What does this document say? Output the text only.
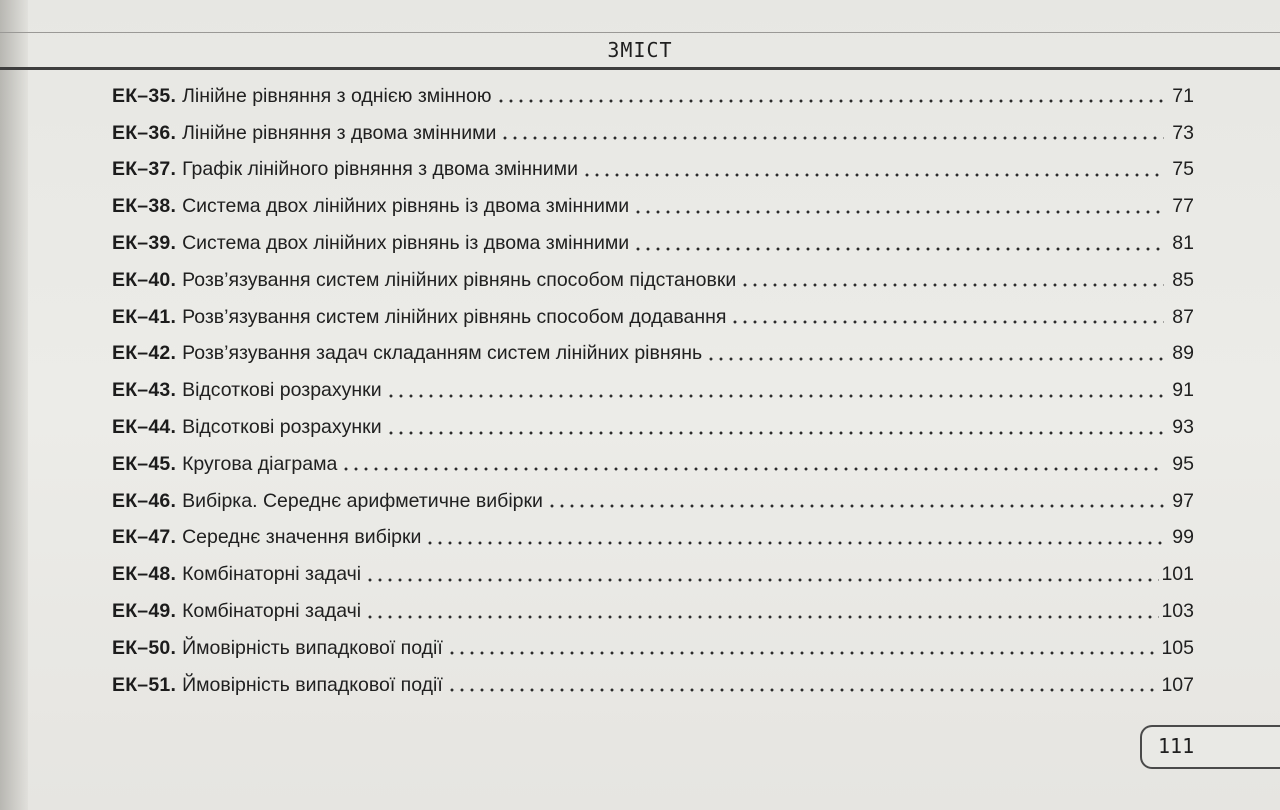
ЗМІСТ
ЕК–35. Лінійне рівняння з однією змінною	71
ЕК–36. Лінійне рівняння з двома змінними	73
ЕК–37. Графік лінійного рівняння з двома змінними	75
ЕК–38. Система двох лінійних рівнянь із двома змінними	77
ЕК–39. Система двох лінійних рівнянь із двома змінними	81
ЕК–40. Розв’язування систем лінійних рівнянь способом підстановки	85
ЕК–41. Розв’язування систем лінійних рівнянь способом додавання	87
ЕК–42. Розв’язування задач складанням систем лінійних рівнянь	89
ЕК–43. Відсоткові розрахунки	91
ЕК–44. Відсоткові розрахунки	93
ЕК–45. Кругова діаграма	95
ЕК–46. Вибірка. Середнє арифметичне вибірки	97
ЕК–47. Середнє значення вибірки	99
ЕК–48. Комбінаторні задачі	101
ЕК–49. Комбінаторні задачі	103
ЕК–50. Ймовірність випадкової події	105
ЕК–51. Ймовірність випадкової події	107
111
